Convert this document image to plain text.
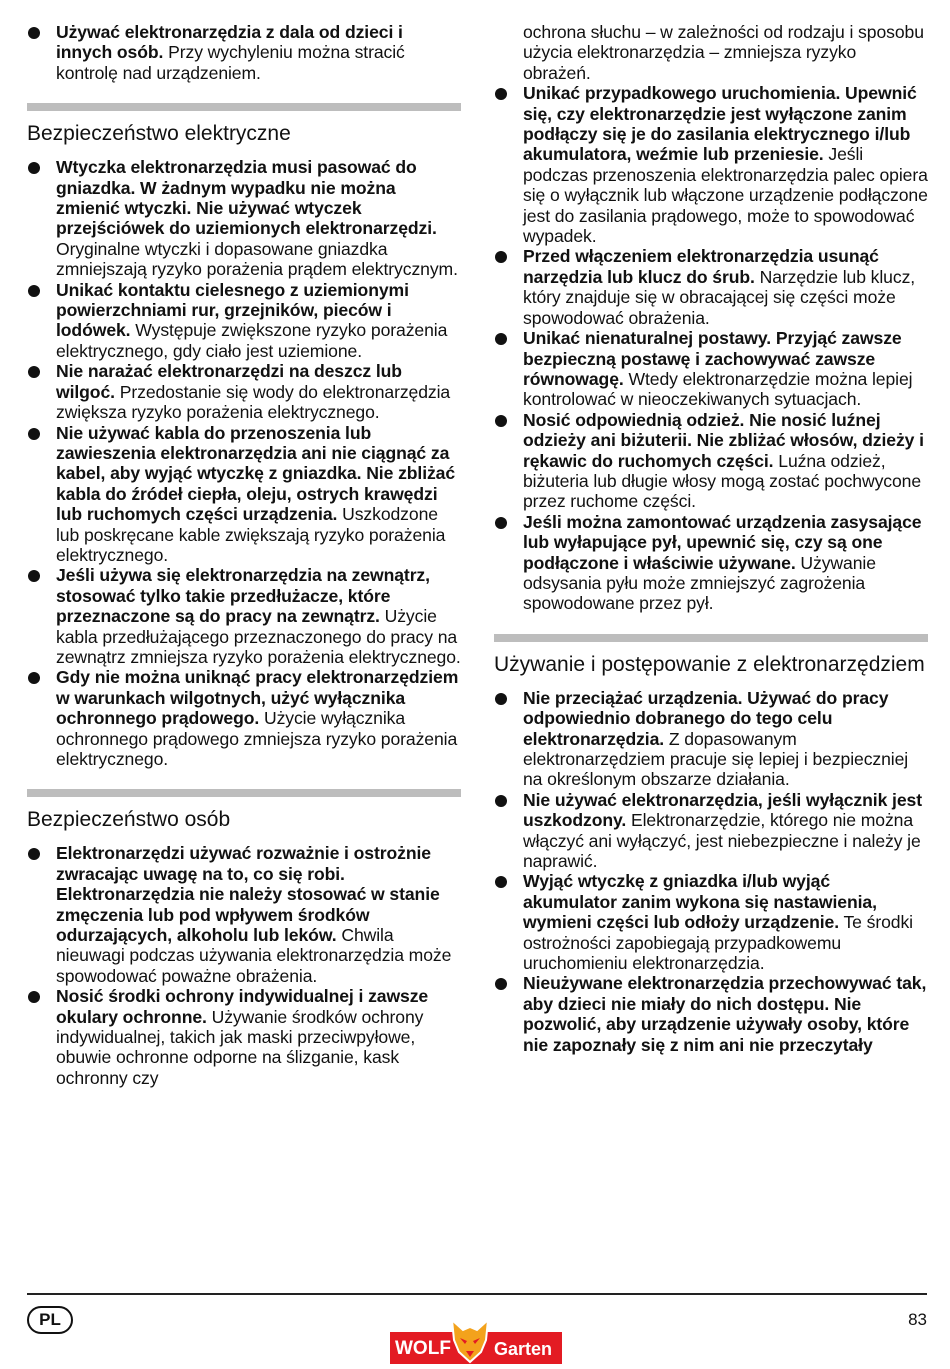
Używać elektronarzędzia z dala od dzieci i innych osób. Przy wychyleniu można stracić kontrolę nad urządzeniem.
Bezpieczeństwo elektryczne
Wtyczka elektronarzędzia musi pasować do gniazdka. W żadnym wypadku nie można zmienić wtyczki. Nie używać wtyczek przejściówek do uziemionych elektronarzędzi. Oryginalne wtyczki i dopasowane gniazdka zmniejszają ryzyko porażenia prądem elektrycznym.
Unikać kontaktu cielesnego z uziemionymi powierzchniami rur, grzejników, pieców i lodówek. Występuje zwiększone ryzyko porażenia elektrycznego, gdy ciało jest uziemione.
Nie narażać elektronarzędzi na deszcz lub wilgoć. Przedostanie się wody do elektronarzędzia zwiększa ryzyko porażenia elektrycznego.
Nie używać kabla do przenoszenia lub zawieszenia elektronarzędzia ani nie ciągnąć za kabel, aby wyjąć wtyczkę z gniazdka. Nie zbliżać kabla do źródeł ciepła, oleju, ostrych krawędzi lub ruchomych części urządzenia. Uszkodzone lub poskręcane kable zwiększają ryzyko porażenia elektrycznego.
Jeśli używa się elektronarzędzia na zewnątrz, stosować tylko takie przedłużacze, które przeznaczone są do pracy na zewnątrz. Użycie kabla przedłużającego przeznaczonego do pracy na zewnątrz zmniejsza ryzyko porażenia elektrycznego.
Gdy nie można uniknąć pracy elektronarzędziem w warunkach wilgotnych, użyć wyłącznika ochronnego prądowego. Użycie wyłącznika ochronnego prądowego zmniejsza ryzyko porażenia elektrycznego.
Bezpieczeństwo osób
Elektronarzędzi używać rozważnie i ostrożnie zwracając uwagę na to, co się robi. Elektronarzędzia nie należy stosować w stanie zmęczenia lub pod wpływem środków odurzających, alkoholu lub leków. Chwila nieuwagi podczas używania elektronarzędzia może spowodować poważne obrażenia.
Nosić środki ochrony indywidualnej i zawsze okulary ochronne. Używanie środków ochrony indywidualnej, takich jak maski przeciwpyłowe, obuwie ochronne odporne na ślizganie, kask ochronny czy
ochrona słuchu – w zależności od rodzaju i sposobu użycia elektronarzędzia – zmniejsza ryzyko obrażeń.
Unikać przypadkowego uruchomienia. Upewnić się, czy elektronarzędzie jest wyłączone zanim podłączy się je do zasilania elektrycznego i/lub akumulatora, weźmie lub przeniesie. Jeśli podczas przenoszenia elektronarzędzia palec opiera się o wyłącznik lub włączone urządzenie podłączone jest do zasilania prądowego, może to spowodować wypadek.
Przed włączeniem elektronarzędzia usunąć narzędzia lub klucz do śrub. Narzędzie lub klucz, który znajduje się w obracającej się części może spowodować obrażenia.
Unikać nienaturalnej postawy. Przyjąć zawsze bezpieczną postawę i zachowywać zawsze równowagę. Wtedy elektronarzędzie można lepiej kontrolować w nieoczekiwanych sytuacjach.
Nosić odpowiednią odzież. Nie nosić luźnej odzieży ani biżuterii. Nie zbliżać włosów, dzieży i rękawic do ruchomych części. Luźna odzież, biżuteria lub długie włosy mogą zostać pochwycone przez ruchome części.
Jeśli można zamontować urządzenia zasysające lub wyłapujące pył, upewnić się, czy są one podłączone i właściwie używane. Używanie odsysania pyłu może zmniejszyć zagrożenia spowodowane przez pył.
Używanie i postępowanie z elektronarzędziem
Nie przeciążać urządzenia. Używać do pracy odpowiednio dobranego do tego celu elektronarzędzia. Z dopasowanym elektronarzędziem pracuje się lepiej i bezpieczniej na określonym obszarze działania.
Nie używać elektronarzędzia, jeśli wyłącznik jest uszkodzony. Elektronarzędzie, którego nie można włączyć ani wyłączyć, jest niebezpieczne i należy je naprawić.
Wyjąć wtyczkę z gniazdka i/lub wyjąć akumulator zanim wykona się nastawienia, wymieni części lub odłoży urządzenie. Te środki ostrożności zapobiegają przypadkowemu uruchomieniu elektronarzędzia.
Nieużywane elektronarzędzia przechowywać tak, aby dzieci nie miały do nich dostępu. Nie pozwolić, aby urządzenie używały osoby, które nie zapoznały się z nim ani nie przeczytały
PL	83
WOLF Garten
